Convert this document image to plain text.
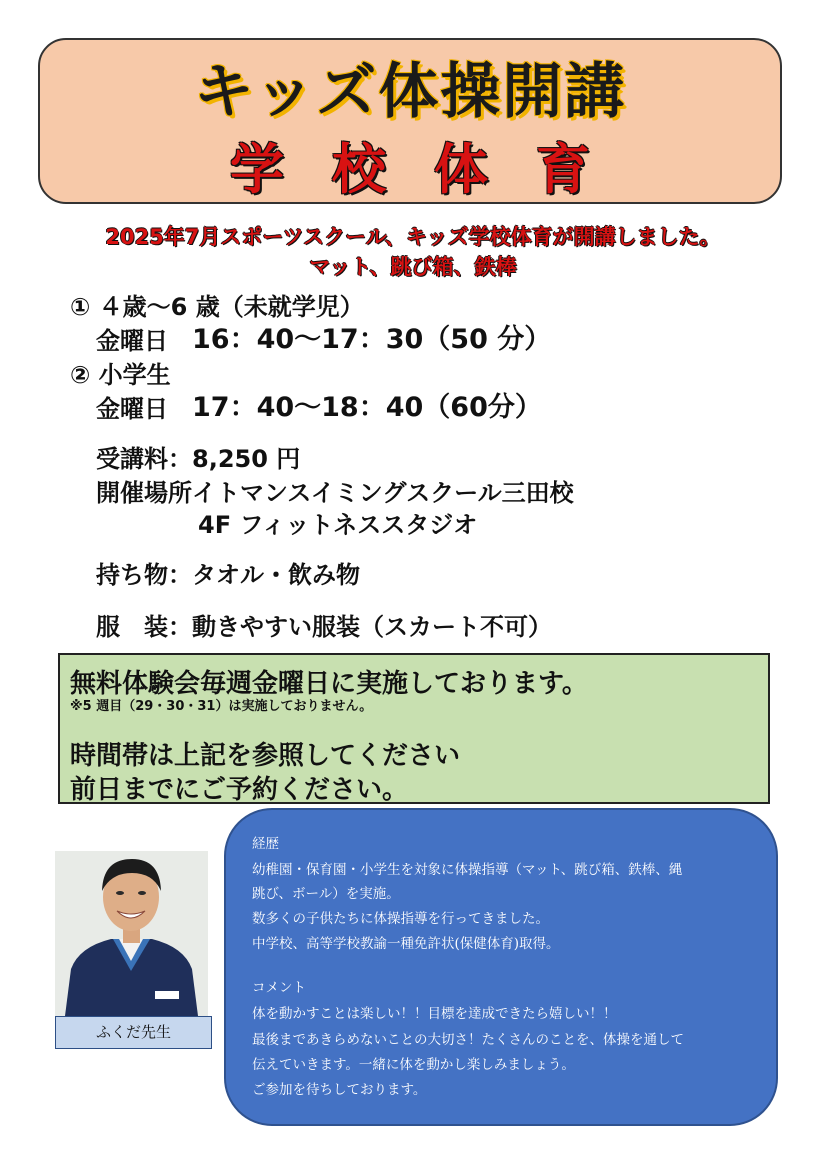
キッズ体操開講
学校体育
2025年7月スポーツスクール、キッズ学校体育が開講しました。
マット、跳び箱、鉄棒
① ４歳～6 歳（未就学児）
金曜日 16：40～17：30（50 分）
② 小学生
金曜日 17：40～18：40（60分）
受講料：8,250 円
開催場所イトマンスイミングスクール三田校
4F フィットネススタジオ
持ち物：タオル・飲み物
服　装：動きやすい服装（スカート不可）
無料体験会毎週金曜日に実施しております。
※5 週目（29・30・31）は実施しておりません。
時間帯は上記を参照してください
前日までにご予約ください。
ふくだ先生
経歴
幼稚園・保育園・小学生を対象に体操指導（マット、跳び箱、鉄棒、縄
跳び、ボール）を実施。
数多くの子供たちに体操指導を行ってきました。
中学校、高等学校教諭一種免許状(保健体育)取得。
コメント
体を動かすことは楽しい！！目標を達成できたら嬉しい！！
最後まであきらめないことの大切さ！たくさんのことを、体操を通して
伝えていきます。一緒に体を動かし楽しみましょう。
ご参加を待ちしております。
